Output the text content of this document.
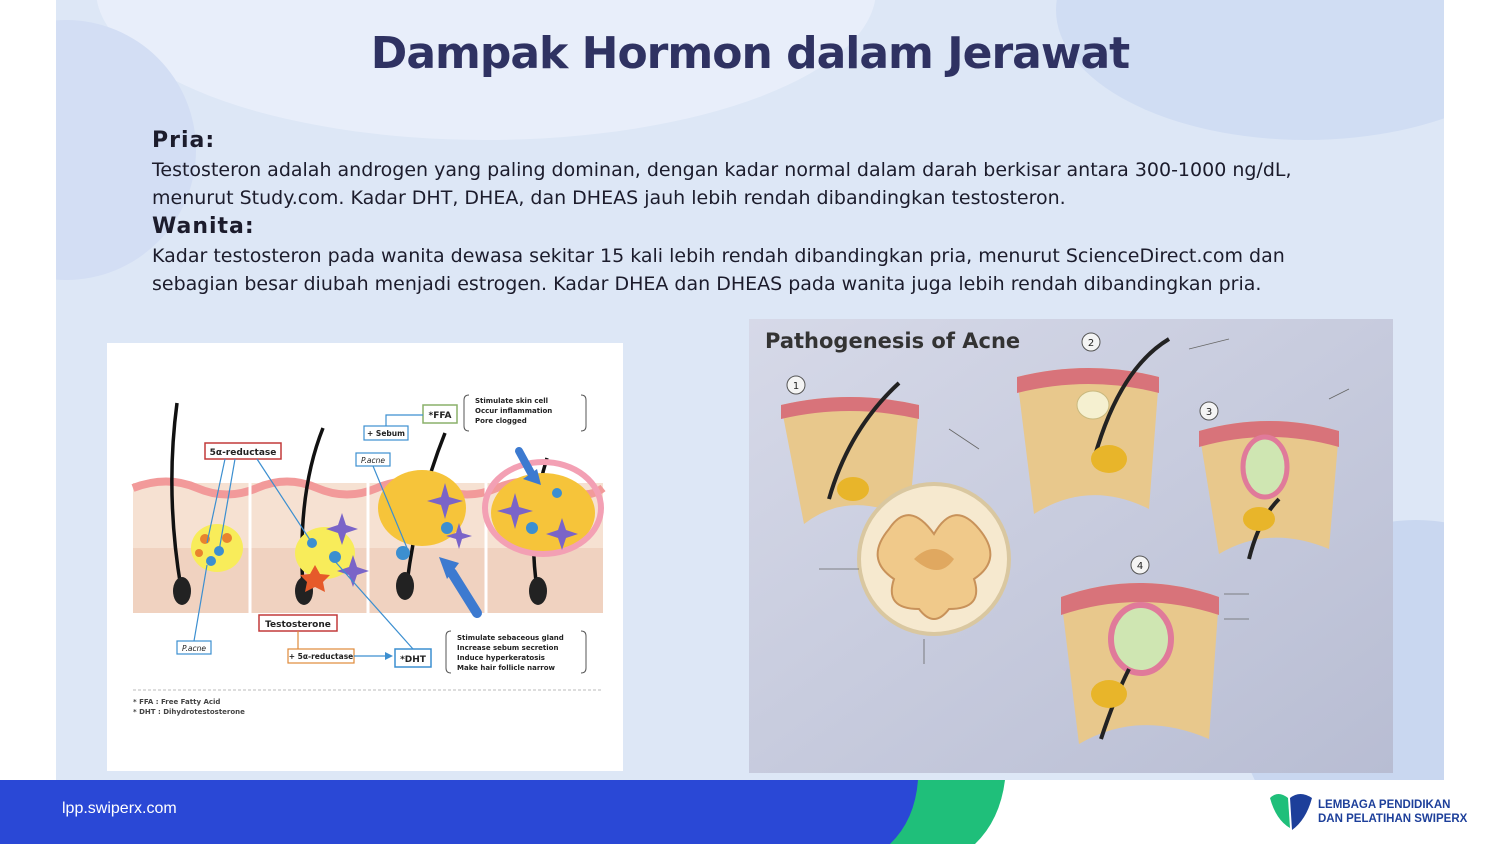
Dampak Hormon dalam Jerawat
Pria:
Testosteron adalah androgen yang paling dominan, dengan kadar normal dalam darah berkisar antara 300-1000 ng/dL, menurut Study.com. Kadar DHT, DHEA, dan DHEAS jauh lebih rendah dibandingkan testosteron.
Wanita:
Kadar testosteron pada wanita dewasa sekitar 15 kali lebih rendah dibandingkan pria, menurut ScienceDirect.com dan sebagian besar diubah menjadi estrogen. Kadar DHEA dan DHEAS pada wanita juga lebih rendah dibandingkan pria.
5α-reductase
*FFA
+ Sebum
P.acne
Stimulate skin cell
Occur inflammation
Pore clogged
Testosterone
P.acne
+ 5α-reductase	*DHT
Stimulate sebaceous gland
Increase sebum secretion
Induce hyperkeratosis
Make hair follicle narrow
* FFA : Free Fatty Acid
* DHT : Dihydrotestosterone
Pathogenesis of Acne
1
2
3
4
lpp.swiperx.com	LEMBAGA PENDIDIKAN
DAN PELATIHAN SWIPERX
